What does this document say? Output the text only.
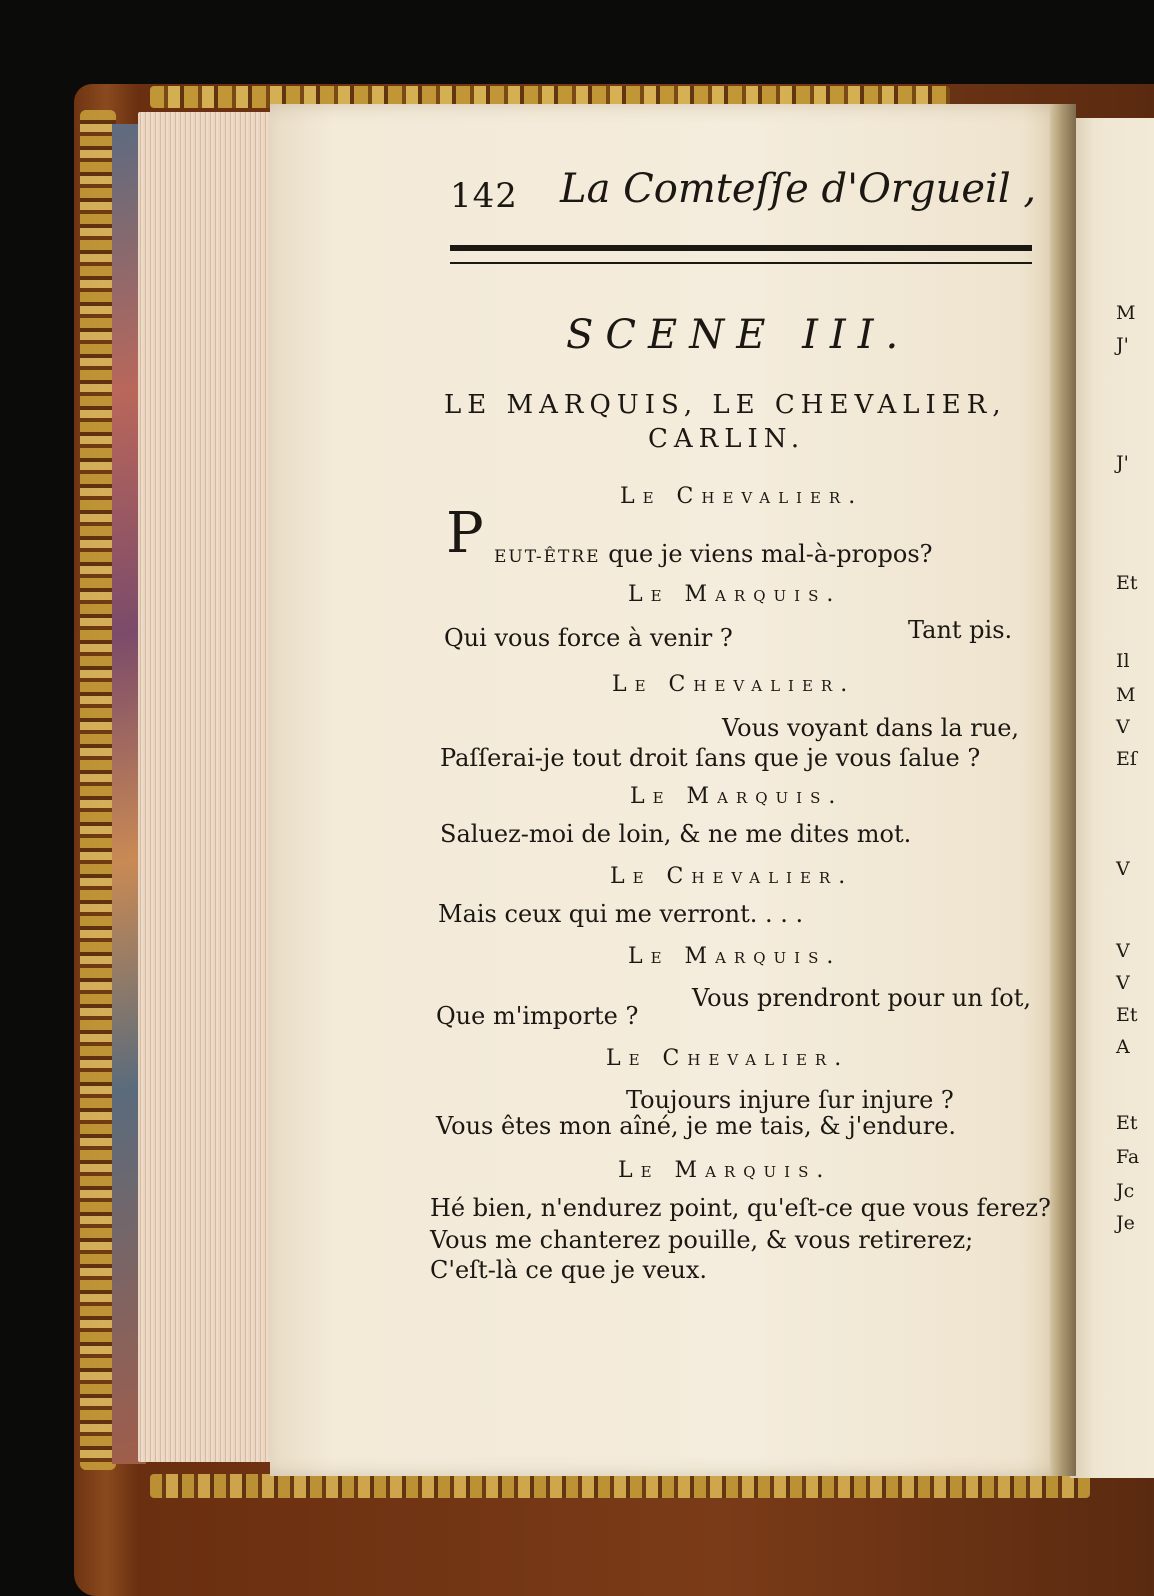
142 La Comteſſe d'Orgueil ,
SCENE III.
LE MARQUIS, LE CHEVALIER,
CARLIN.
Le Chevalier.
P EUT-ÊTRE que je viens mal-à-propos?
Le Marquis.
Tant pis.
Qui vous force à venir ?
Le Chevalier.
Vous voyant dans la rue,
Paſſerai-je tout droit ſans que je vous ſalue ?
Le Marquis.
Saluez-moi de loin, & ne me dites mot.
Le Chevalier.
Mais ceux qui me verront. . . .
Le Marquis.
Vous prendront pour un ſot,
Que m'importe ?
Le Chevalier.
Toujours injure ſur injure ?
Vous êtes mon aîné, je me tais, & j'endure.
Le Marquis.
Hé bien, n'endurez point, qu'eſt-ce que vous ferez?
Vous me chanterez pouille, & vous retirerez;
C'eſt-là ce que je veux.
M
J'
J'
Et
Il
M
V
Eſ
V
V
V
Et
A
Et
Fa
Jc
Je
